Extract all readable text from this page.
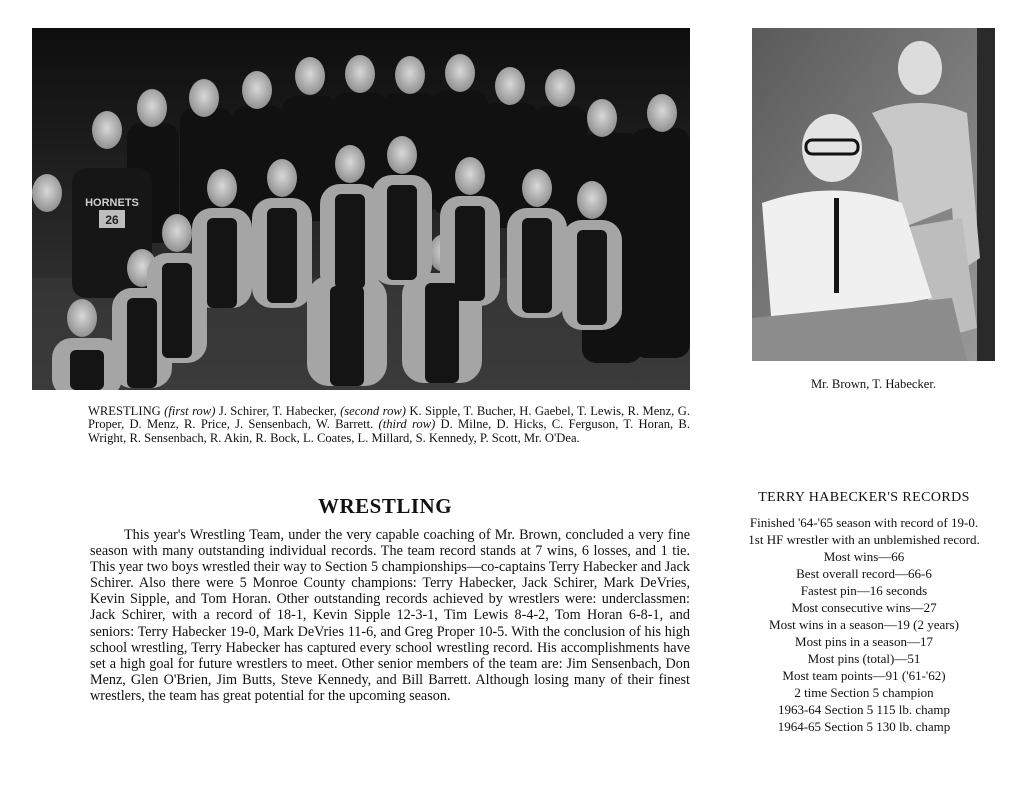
HORNETS
26
WRESTLING (first row) J. Schirer, T. Habecker, (second row) K. Sipple, T. Bucher, H. Gaebel, T. Lewis, R. Menz, G. Proper, D. Menz, R. Price, J. Sensenbach, W. Barrett. (third row) D. Milne, D. Hicks, C. Ferguson, T. Horan, B. Wright, R. Sensenbach, R. Akin, R. Bock, L. Coates, L. Millard, S. Kennedy, P. Scott, Mr. O'Dea.
Mr. Brown, T. Habecker.
WRESTLING

This year's Wrestling Team, under the very capable coaching of Mr. Brown, concluded a very fine season with many outstanding individual records. The team record stands at 7 wins, 6 losses, and 1 tie. This year two boys wrestled their way to Section 5 championships—co-captains Terry Habecker and Jack Schirer. Also there were 5 Monroe County champions: Terry Habecker, Jack Schirer, Mark DeVries, Kevin Sipple, and Tom Horan. Other outstanding records achieved by wrestlers were: underclassmen: Jack Schirer, with a record of 18-1, Kevin Sipple 12-3-1, Tim Lewis 8-4-2, Tom Horan 6-8-1, and seniors: Terry Habecker 19-0, Mark DeVries 11-6, and Greg Proper 10-5. With the conclusion of his high school wrestling, Terry Habecker has captured every school wrestling record. His accomplishments have set a high goal for future wrestlers to meet. Other senior members of the team are: Jim Sensenbach, Don Menz, Glen O'Brien, Jim Butts, Steve Kennedy, and Bill Barrett. Although losing many of their finest wrestlers, the team has great potential for the upcoming season.

TERRY HABECKER'S RECORDS
Finished '64-'65 season with record of 19-0.
1st HF wrestler with an unblemished record.
Most wins—66
Best overall record—66-6
Fastest pin—16 seconds
Most consecutive wins—27
Most wins in a season—19 (2 years)
Most pins in a season—17
Most pins (total)—51
Most team points—91 ('61-'62)
2 time Section 5 champion
1963-64 Section 5 115 lb. champ
1964-65 Section 5 130 lb. champ
